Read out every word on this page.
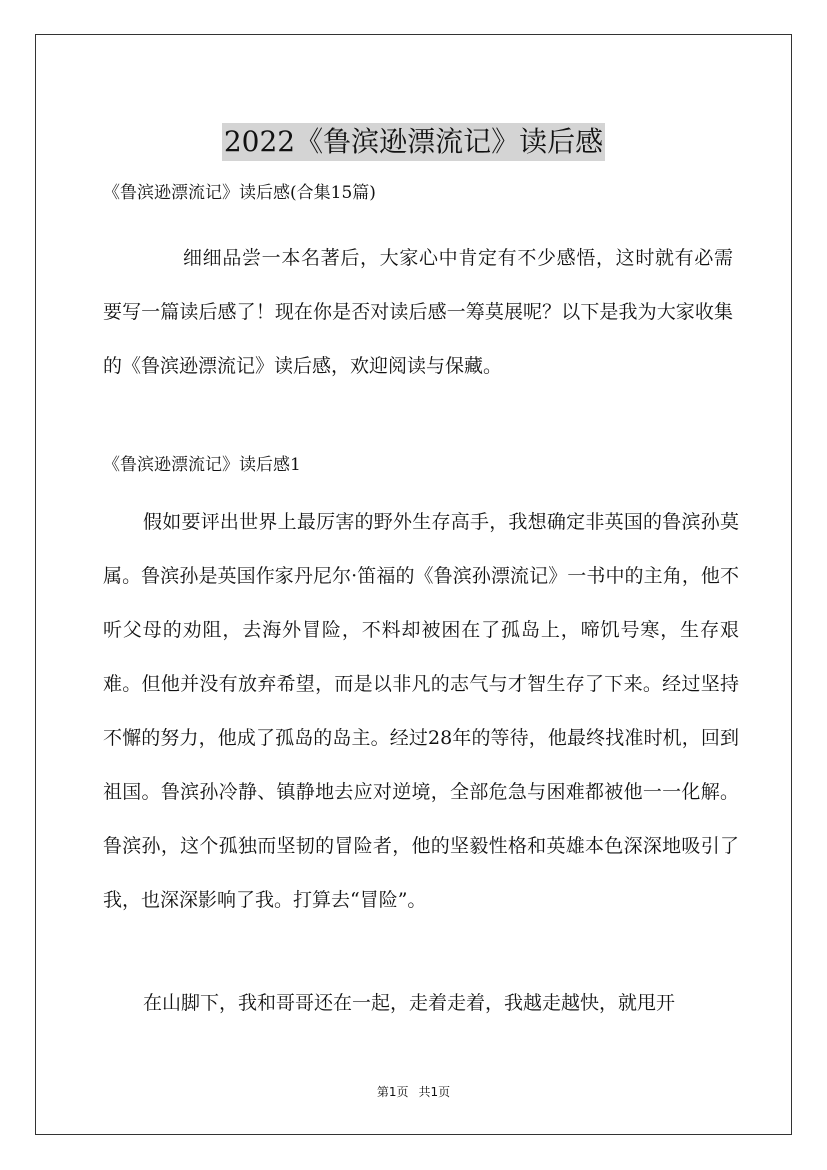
2022《鲁滨逊漂流记》读后感
《鲁滨逊漂流记》读后感(合集15篇)

细细品尝一本名著后，大家心中肯定有不少感悟，这时就有必需要写一篇读后感了！现在你是否对读后感一筹莫展呢？以下是我为大家收集的《鲁滨逊漂流记》读后感，欢迎阅读与保藏。

《鲁滨逊漂流记》读后感1

假如要评出世界上最厉害的野外生存高手，我想确定非英国的鲁滨孙莫属。鲁滨孙是英国作家丹尼尔·笛福的《鲁滨孙漂流记》一书中的主角，他不听父母的劝阻，去海外冒险，不料却被困在了孤岛上，啼饥号寒，生存艰难。但他并没有放弃希望，而是以非凡的志气与才智生存了下来。经过坚持不懈的努力，他成了孤岛的岛主。经过28年的等待，他最终找准时机，回到祖国。鲁滨孙冷静、镇静地去应对逆境，全部危急与困难都被他一一化解。鲁滨孙，这个孤独而坚韧的冒险者，他的坚毅性格和英雄本色深深地吸引了我，也深深影响了我。打算去“冒险”。

在山脚下，我和哥哥还在一起，走着走着，我越走越快，就甩开

第1页 共1页
